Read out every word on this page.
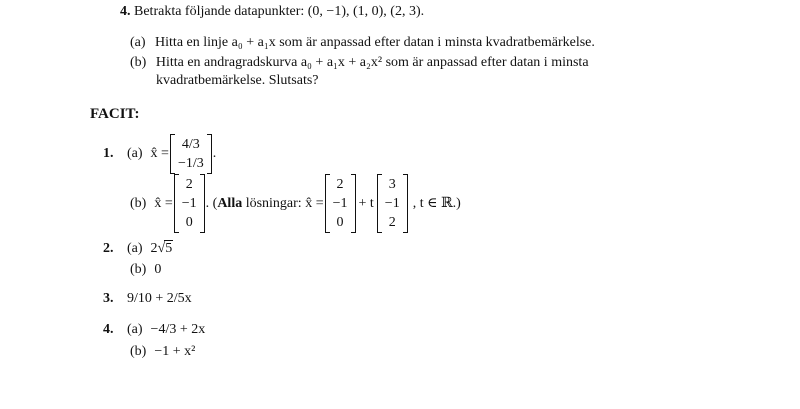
4. Betrakta följande datapunkter: (0, −1), (1, 0), (2, 3).
(a) Hitta en linje a₀ + a₁x som är anpassad efter datan i minsta kvadratbemärkelse.
(b) Hitta en andragradskurva a₀ + a₁x + a₂x² som är anpassad efter datan i minsta
kvadratbemärkelse. Slutsats?
FACIT:
1. (a) x̂ =
4/3
−1/3
.
(b) x̂ =
2
−1
0
. ( Alla lösningar: x̂ =
2
−1
0
+ t
3
−1
2
, t ∈ ℝ.)
2. (a) 2 √ 5
(b) 0
3. 9/10 + 2/5x
4. (a) −4/3 + 2x
(b) −1 + x²
